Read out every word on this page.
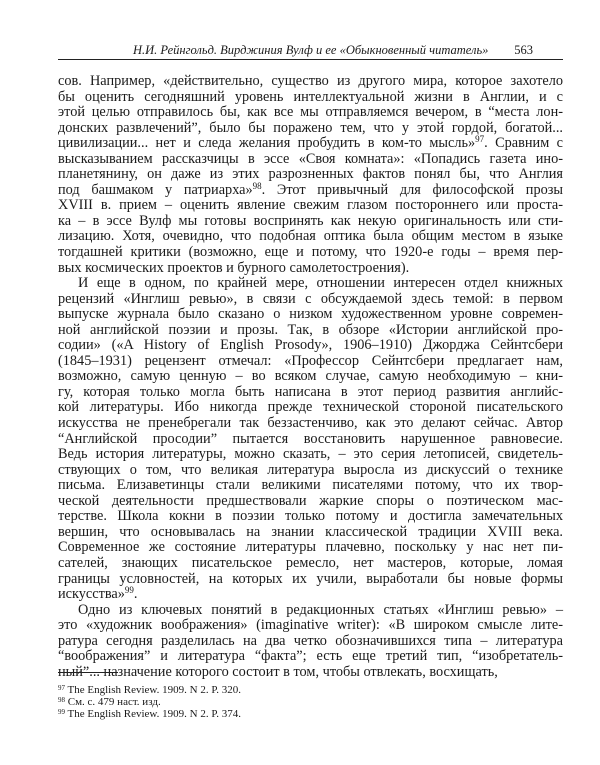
Н.И. Рейнгольд. Вирджиния Вулф и ее «Обыкновенный читатель» 563
сов. Например, «действительно, существо из другого мира, которое захотело
бы оценить сегодняшний уровень интеллектуальной жизни в Англии, и с
этой целью отправилось бы, как все мы отправляемся вечером, в “места лон-
донских развлечений”, было бы поражено тем, что у этой гордой, богатой...
цивилизации... нет и следа желания пробудить в ком-то мысль»$^{97}$. Сравним с
высказыванием рассказчицы в эссе «Своя комната»: «Попадись газета ино-
планетянину, он даже из этих разрозненных фактов понял бы, что Англия
под башмаком у патриарха»$^{98}$. Этот привычный для философской прозы
XVIII в. прием – оценить явление свежим глазом постороннего или проста-
ка – в эссе Вулф мы готовы воспринять как некую оригинальность или сти-
лизацию. Хотя, очевидно, что подобная оптика была общим местом в языке
тогдашней критики (возможно, еще и потому, что 1920-е годы – время пер-
вых космических проектов и бурного самолетостроения).
И еще в одном, по крайней мере, отношении интересен отдел книжных
рецензий «Инглиш ревью», в связи с обсуждаемой здесь темой: в первом
выпуске журнала было сказано о низком художественном уровне современ-
ной английской поэзии и прозы. Так, в обзоре «Истории английской про-
содии» («A History of English Prosody», 1906–1910) Джорджа Сейнтсбери
(1845–1931) рецензент отмечал: «Профессор Сейнтсбери предлагает нам,
возможно, самую ценную – во всяком случае, самую необходимую – кни-
гу, которая только могла быть написана в этот период развития английс-
кой литературы. Ибо никогда прежде технической стороной писательского
искусства не пренебрегали так беззастенчиво, как это делают сейчас. Автор
“Английской просодии” пытается восстановить нарушенное равновесие.
Ведь история литературы, можно сказать, – это серия летописей, свидетель-
ствующих о том, что великая литература выросла из дискуссий о технике
письма. Елизаветинцы стали великими писателями потому, что их твор-
ческой деятельности предшествовали жаркие споры о поэтическом мас-
терстве. Школа кокни в поэзии только потому и достигла замечательных
вершин, что основывалась на знании классической традиции XVIII века.
Современное же состояние литературы плачевно, поскольку у нас нет пи-
сателей, знающих писательское ремесло, нет мастеров, которые, ломая
границы условностей, на которых их учили, выработали бы новые формы
искусства»$^{99}$.
Одно из ключевых понятий в редакционных статьях «Инглиш ревью» –
это «художник воображения» (imaginative writer): «В широком смысле лите-
ратура сегодня разделилась на два четко обозначившихся типа – литература
“воображения” и литература “факта”; есть еще третий тип, “изобретатель-
ный”... назначение которого состоит в том, чтобы отвлекать, восхищать,
$^{97}$ The English Review. 1909. N 2. P. 320.
$^{98}$ См. с. 479 наст. изд.
$^{99}$ The English Review. 1909. N 2. P. 374.
